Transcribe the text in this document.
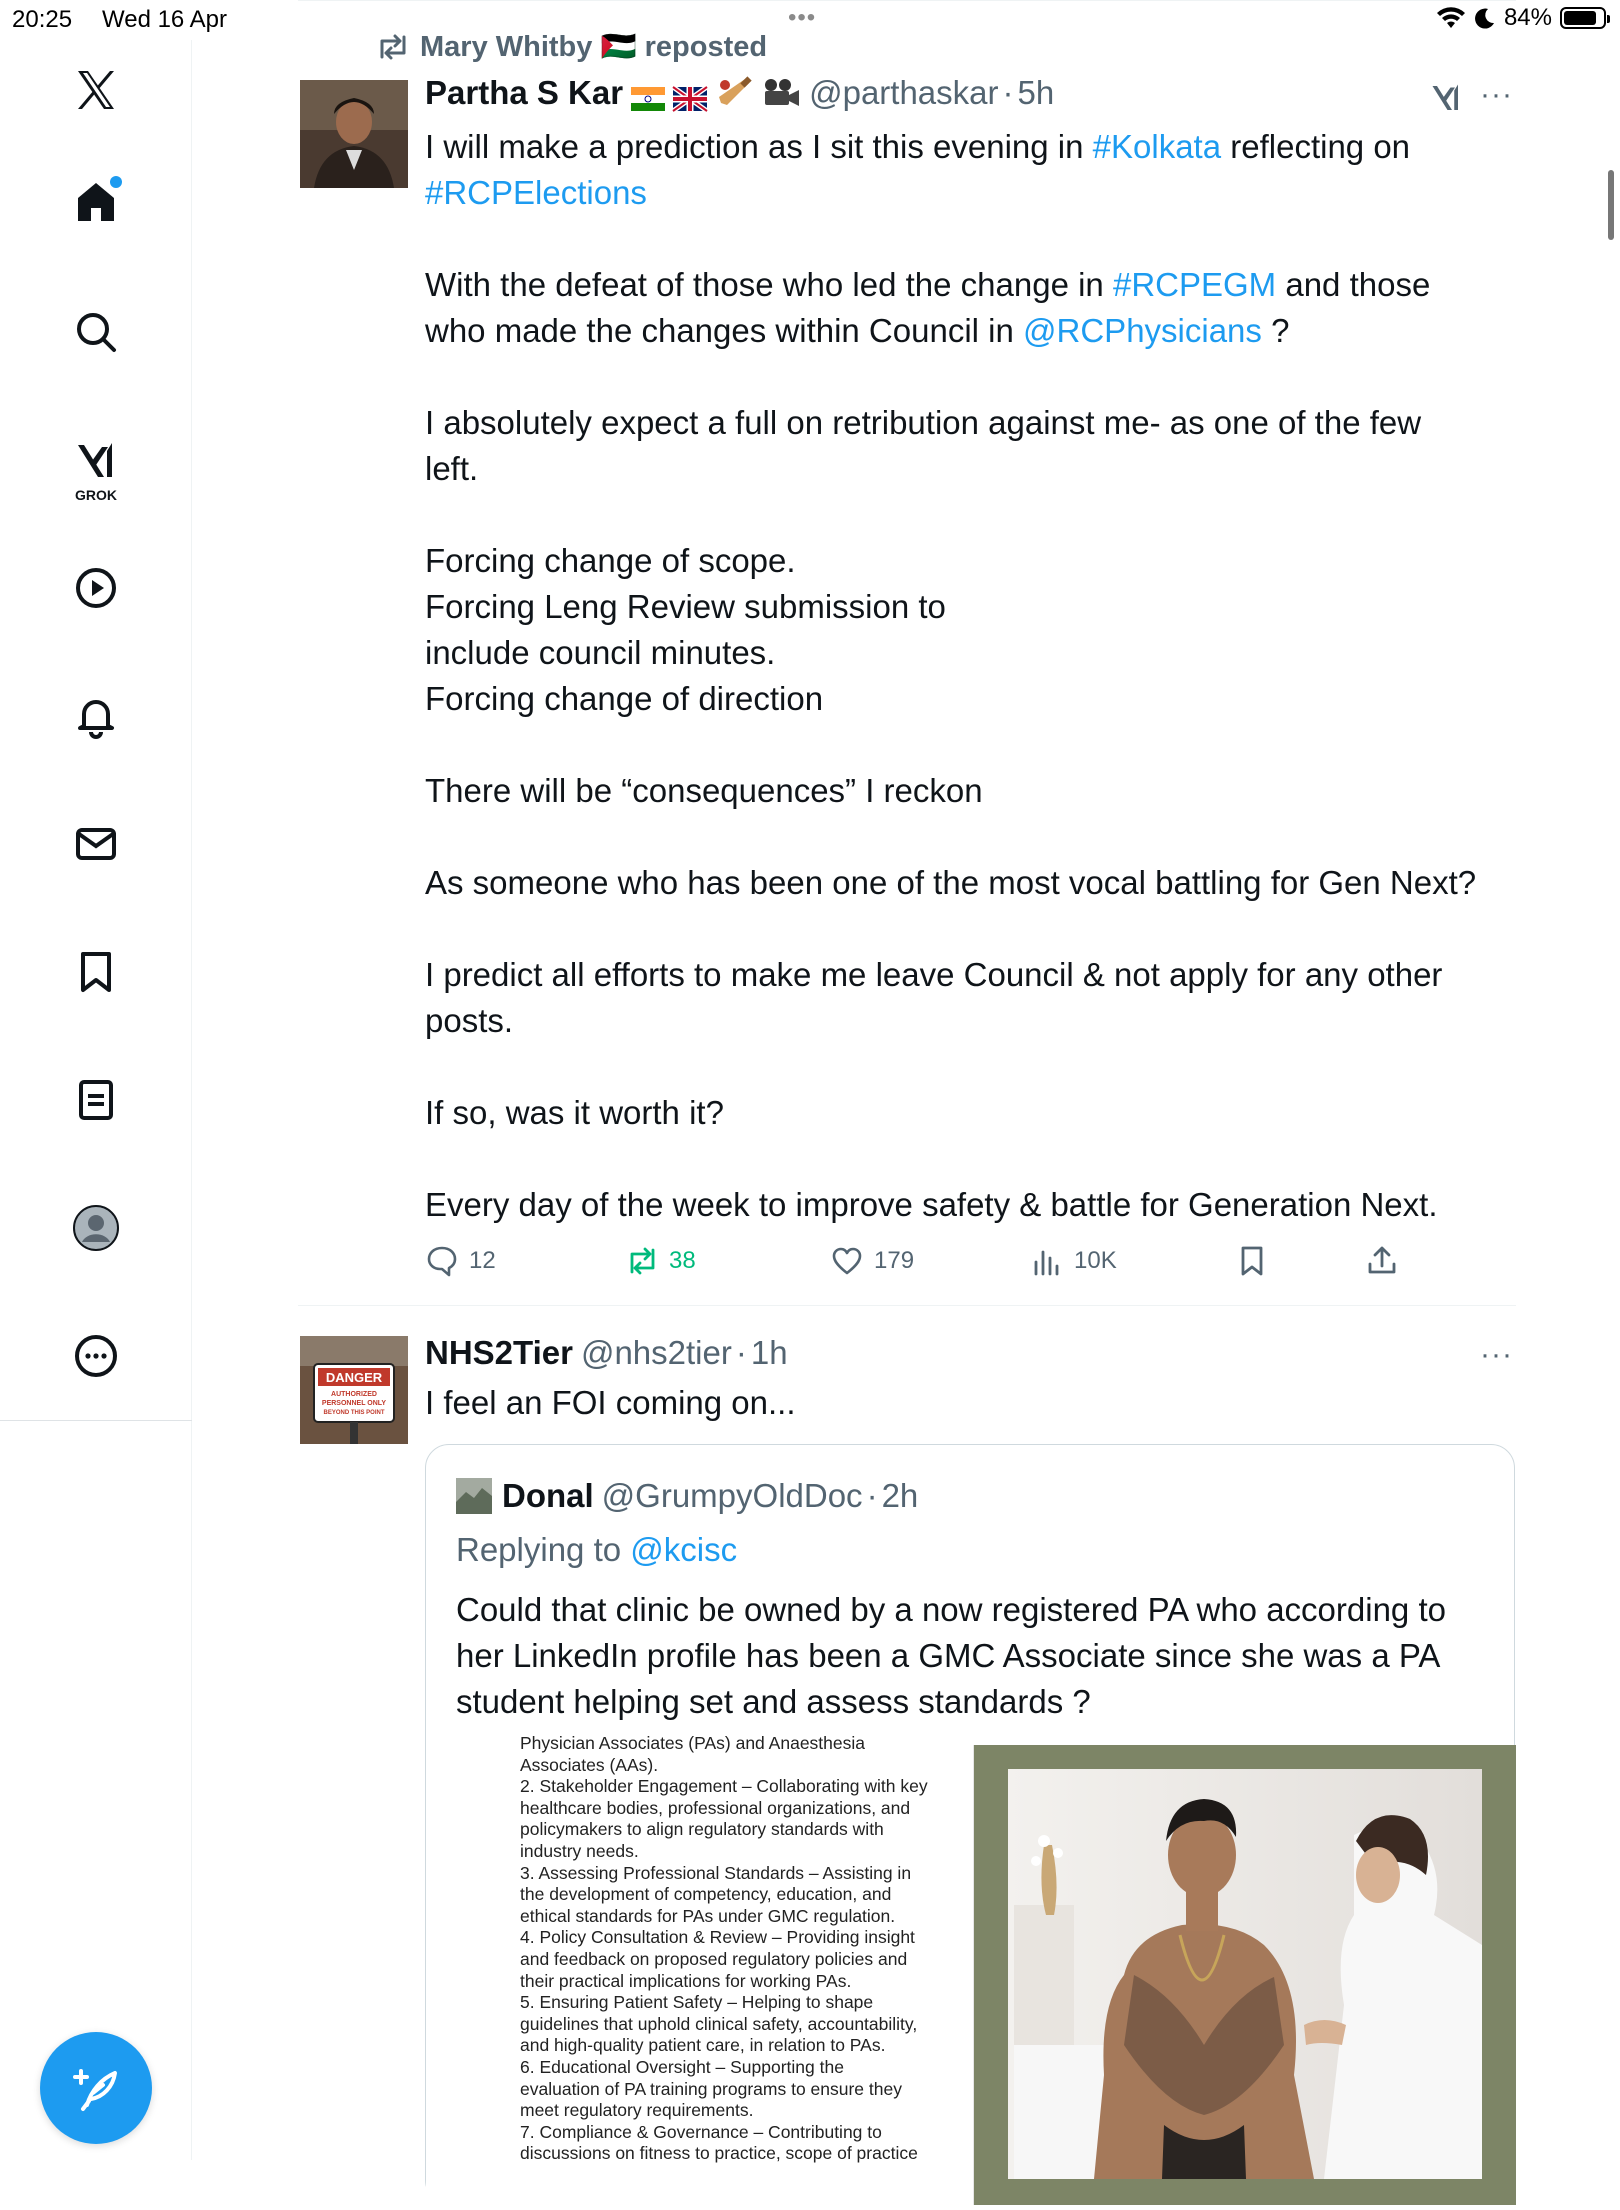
20:25 Wed 16 Apr	•••	84%
GROK
Mary Whitby 🇵🇸 reposted
Partha S Kar	@parthaskar · 5h	···
I will make a prediction as I sit this evening in #Kolkata reflecting on
#RCPElections
With the defeat of those who led the change in #RCPEGM and those
who made the changes within Council in @RCPhysicians ?
I absolutely expect a full on retribution against me- as one of the few
left.
Forcing change of scope.
Forcing Leng Review submission to
include council minutes.
Forcing change of direction
There will be “consequences” I reckon
As someone who has been one of the most vocal battling for Gen Next?
I predict all efforts to make me leave Council & not apply for any other
posts.
If so, was it worth it?
Every day of the week to improve safety & battle for Generation Next.
12	38	179	10K
DANGER
AUTHORIZED
PERSONNEL ONLY
BEYOND THIS POINT
NHS2Tier @nhs2tier · 1h	···
I feel an FOI coming on...
Donal @GrumpyOldDoc · 2h
Replying to @kcisc
Could that clinic be owned by a now registered PA who according to her LinkedIn profile has been a GMC Associate since she was a PA student helping set and assess standards ?
Physician Associates (PAs) and Anaesthesia
Associates (AAs).
2. Stakeholder Engagement – Collaborating with key
healthcare bodies, professional organizations, and
policymakers to align regulatory standards with
industry needs.
3. Assessing Professional Standards – Assisting in
the development of competency, education, and
ethical standards for PAs under GMC regulation.
4. Policy Consultation & Review – Providing insight
and feedback on proposed regulatory policies and
their practical implications for working PAs.
5. Ensuring Patient Safety – Helping to shape
guidelines that uphold clinical safety, accountability,
and high-quality patient care, in relation to PAs.
6. Educational Oversight – Supporting the
evaluation of PA training programs to ensure they
meet regulatory requirements.
7. Compliance & Governance – Contributing to
discussions on fitness to practice, scope of practice
